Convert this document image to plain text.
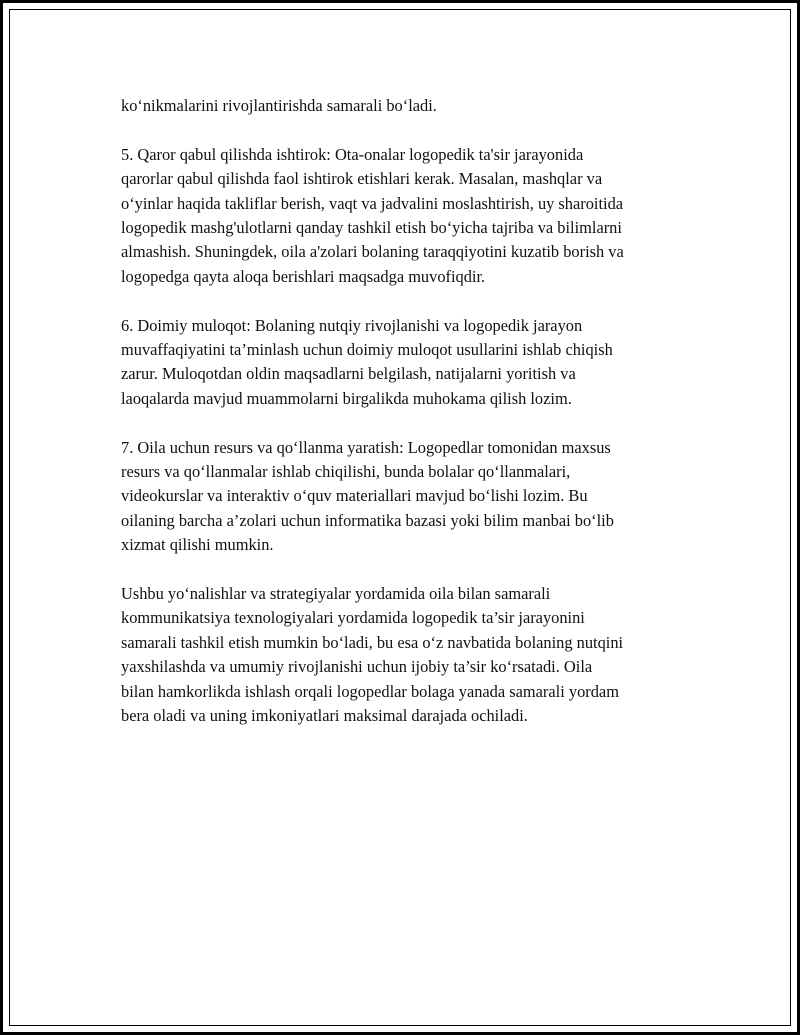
ko‘nikmalarini rivojlantirishda samarali bo‘ladi.

5. Qaror qabul qilishda ishtirok: Ota-onalar logopedik ta'sir jarayonida
qarorlar qabul qilishda faol ishtirok etishlari kerak. Masalan, mashqlar va
o‘yinlar haqida takliflar berish, vaqt va jadvalini moslashtirish, uy sharoitida
logopedik mashg'ulotlarni qanday tashkil etish bo‘yicha tajriba va bilimlarni
almashish. Shuningdek, oila a'zolari bolaning taraqqiyotini kuzatib borish va
logopedga qayta aloqa berishlari maqsadga muvofiqdir.

6. Doimiy muloqot: Bolaning nutqiy rivojlanishi va logopedik jarayon
muvaffaqiyatini ta’minlash uchun doimiy muloqot usullarini ishlab chiqish
zarur. Muloqotdan oldin maqsadlarni belgilash, natijalarni yoritish va
laoqalarda mavjud muammolarni birgalikda muhokama qilish lozim.

7. Oila uchun resurs va qo‘llanma yaratish: Logopedlar tomonidan maxsus
resurs va qo‘llanmalar ishlab chiqilishi, bunda bolalar qo‘llanmalari,
videokurslar va interaktiv o‘quv materiallari mavjud bo‘lishi lozim. Bu
oilaning barcha a’zolari uchun informatika bazasi yoki bilim manbai bo‘lib
xizmat qilishi mumkin.

Ushbu yo‘nalishlar va strategiyalar yordamida oila bilan samarali
kommunikatsiya texnologiyalari yordamida logopedik ta’sir jarayonini
samarali tashkil etish mumkin bo‘ladi, bu esa o‘z navbatida bolaning nutqini
yaxshilashda va umumiy rivojlanishi uchun ijobiy ta’sir ko‘rsatadi. Oila
bilan hamkorlikda ishlash orqali logopedlar bolaga yanada samarali yordam
bera oladi va uning imkoniyatlari maksimal darajada ochiladi.
